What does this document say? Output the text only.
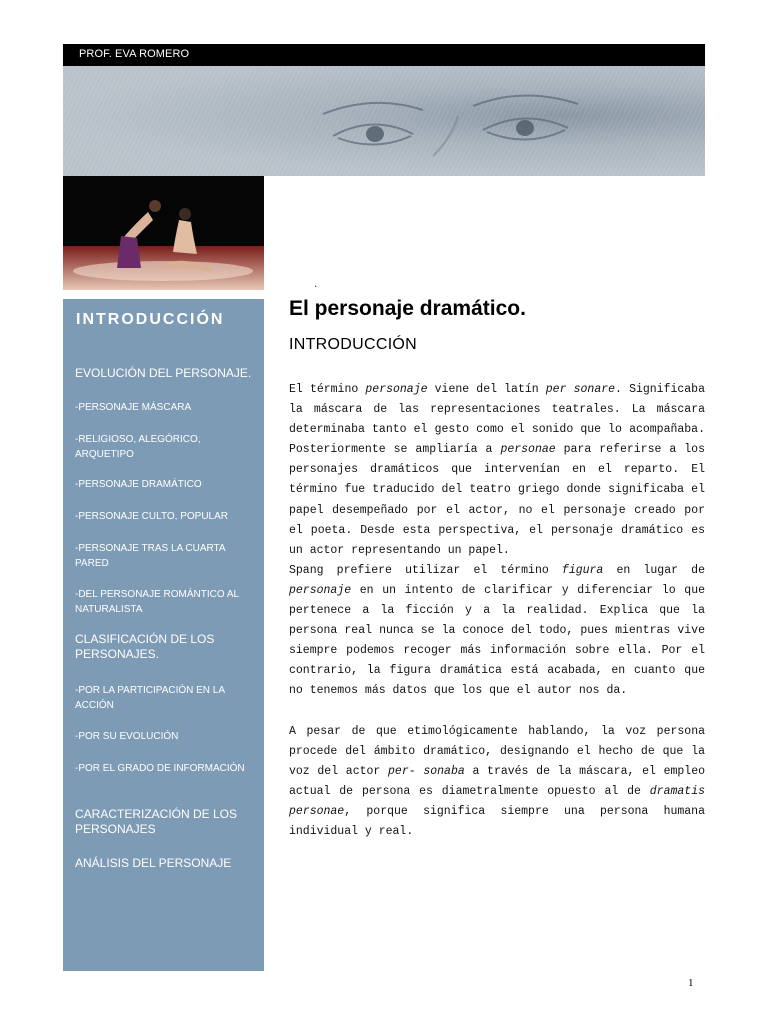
PROF. EVA ROMERO
.
INTRODUCCIÓN
EVOLUCIÓN DEL PERSONAJE.
-PERSONAJE MÁSCARA
-RELIGIOSO, ALEGÓRICO, ARQUETIPO
-PERSONAJE DRAMÁTICO
-PERSONAJE CULTO, POPULAR
-PERSONAJE TRAS LA CUARTA PARED
-DEL PERSONAJE ROMÁNTICO AL NATURALISTA
CLASIFICACIÓN DE LOS PERSONAJES.
-POR LA PARTICIPACIÓN EN LA ACCIÓN
-POR SU EVOLUCIÓN
-POR EL GRADO DE INFORMACIÓN
CARACTERIZACIÓN DE LOS PERSONAJES
ANÁLISIS DEL PERSONAJE
El personaje dramático.
INTRODUCCIÓN

El término personaje viene del latín per sonare. Significaba la máscara de las representaciones teatrales. La máscara determinaba tanto el gesto como el sonido que lo acompañaba. Posteriormente se ampliaría a personae para referirse a los personajes dramáticos que intervenían en el reparto. El término fue traducido del teatro griego donde significaba el papel desempeñado por el actor, no el personaje creado por el poeta. Desde esta perspectiva, el personaje dramático es un actor representando un papel.

Spang prefiere utilizar el término figura en lugar de personaje en un intento de clarificar y diferenciar lo que pertenece a la ficción y a la realidad. Explica que la persona real nunca se la conoce del todo, pues mientras vive siempre podemos recoger más información sobre ella. Por el contrario, la figura dramática está acabada, en cuanto que no tenemos más datos que los que el autor nos da.

A pesar de que etimológicamente hablando, la voz persona procede del ámbito dramático, designando el hecho de que la voz del actor per- sonaba a través de la máscara, el empleo actual de persona es diametralmente opuesto al de dramatis personae, porque significa siempre una persona humana individual y real.

1
